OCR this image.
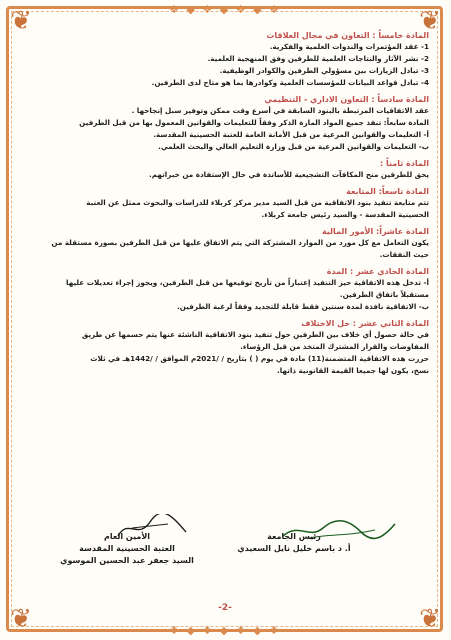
❦	❦
❦	❦
❖ ◆ ❖ ◆ ❖ ◆ ❖
❖ ◆ ❖ ◆ ❖ ◆ ❖

المادة خامساً : التعاون في مجال العلاقات

1- عقد المؤتمرات والندوات العلمية والفكرية.

2- نشر الآثار والنتاجات العلمية للطرفين وفق المنهجية العلمية.

3- تبادل الزيارات بين مسؤولي الطرفين والكوادر الوظيفية.

4- تبادل قواعد البيانات للمؤسسات العلمية وكوادرها بما هو متاح لدى الطرفين.

المادة سادساً : التعاون الاداري - التنظيمي

عقد الاتفاقيات المرتبطة بالبنود السابقة في أسرع وقت ممكن وتوفير سبل إنجاحها .

المادة سابعاً: تنفذ جميع المواد المارة الذكر وفقاً للتعليمات والقوانين المعمول بها من قبل الطرفين

أ- التعليمات والقوانين المرعية من قبل الأمانة العامة للعتبة الحسينية المقدسة.

ب- التعليمات والقوانين المرعية من قبل وزارة التعليم العالي والبحث العلمي.

المادة ثامناً :

يحق للطرفين منح المكافآت التشجيعية للأساتذة في حال الإستفادة من خبراتهم.

المادة تاسعاً: المتابعة

تتم متابعة تنفيذ بنود الاتفاقية من قبل السيد مدير مركز كربلاء للدراسات والبحوث ممثل عن العتبة

الحسينية المقدسة - والسيد رئيس جامعة كربلاء.

المادة عاشراً: الأمور المالية

يكون التعامل مع كل مورد من الموارد المشتركة التي يتم الاتفاق عليها من قبل الطرفين بصورة مستقلة من

حيث النفقات.

المادة الحادي عشر : المدة

أ- تدخل هذه الاتفاقية حيز التنفيذ إعتباراً من تأريخ توقيعها من قبل الطرفين، ويجوز إجراء تعديلات عليها

مستقبلاً باتفاق الطرفين.

ب- الاتفاقية نافذة لمدة سنتين فقط قابلة للتجديد وفقاً لرغبة الطرفين.

المادة الثاني عشر : حل الاختلاف

في حالة حصول أي خلاف بين الطرفين حول تنفيذ بنود الاتفاقية الناشئة عنها يتم حسمها عن طريق

المفاوضات والقرار المشترك المتخذ من قبل الرؤساء.

حررت هذه الاتفاقية المتضمنة(11) مادة في يوم ( ) بتاريخ / /2021م الموافق / /1442هـ في ثلاث

نسخ، يكون لها جميعا القيمة القانونية ذاتها.

رئيس الجامعة
أ. د باسم خليل نايل السعيدي
الأمين العام
العتبة الحسينية المقدسة
السيد جعفر عبد الحسين الموسوي
-2-
